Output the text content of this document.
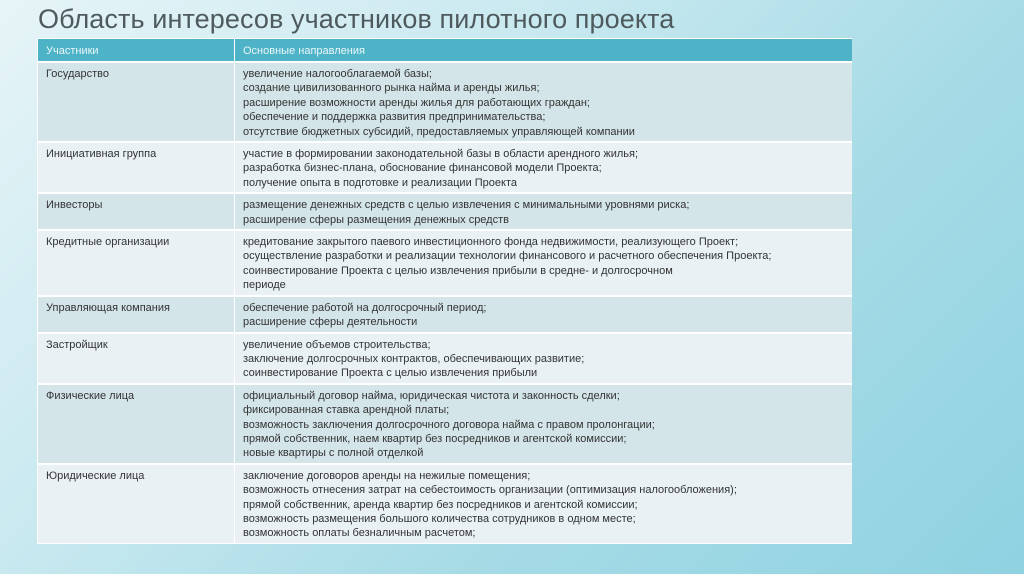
Область интересов участников пилотного проекта
Участники	Основные направления
Государство	увеличение налогооблагаемой базы;
создание цивилизованного рынка найма и аренды жилья;
расширение возможности аренды жилья для работающих граждан;
обеспечение и поддержка развития предпринимательства;
отсутствие бюджетных субсидий, предоставляемых управляющей компании

Инициативная группа	участие в формировании законодательной базы в области арендного жилья;
разработка бизнес-плана, обоснование финансовой модели Проекта;
получение опыта в подготовке и реализации Проекта

Инвесторы	размещение денежных средств с целью извлечения с минимальными уровнями риска;
расширение сферы размещения денежных средств

Кредитные организации	кредитование закрытого паевого инвестиционного фонда недвижимости, реализующего Проект;
осуществление разработки и реализации технологии финансового и расчетного обеспечения Проекта;
соинвестирование Проекта с целью извлечения прибыли в средне- и долгосрочном
периоде

Управляющая компания	обеспечение работой на долгосрочный период;
расширение сферы деятельности

Застройщик	увеличение объемов строительства;
заключение долгосрочных контрактов, обеспечивающих развитие;
соинвестирование Проекта с целью извлечения прибыли

Физические лица	официальный договор найма, юридическая чистота и законность сделки;
фиксированная ставка арендной платы;
возможность заключения долгосрочного договора найма с правом пролонгации;
прямой собственник, наем квартир без посредников и агентской комиссии;
новые квартиры с полной отделкой

Юридические лица	заключение договоров аренды на нежилые помещения;
возможность отнесения затрат на себестоимость организации (оптимизация налогообложения);
прямой собственник, аренда квартир без посредников и агентской комиссии;
возможность размещения большого количества сотрудников в одном месте;
возможность оплаты безналичным расчетом;
